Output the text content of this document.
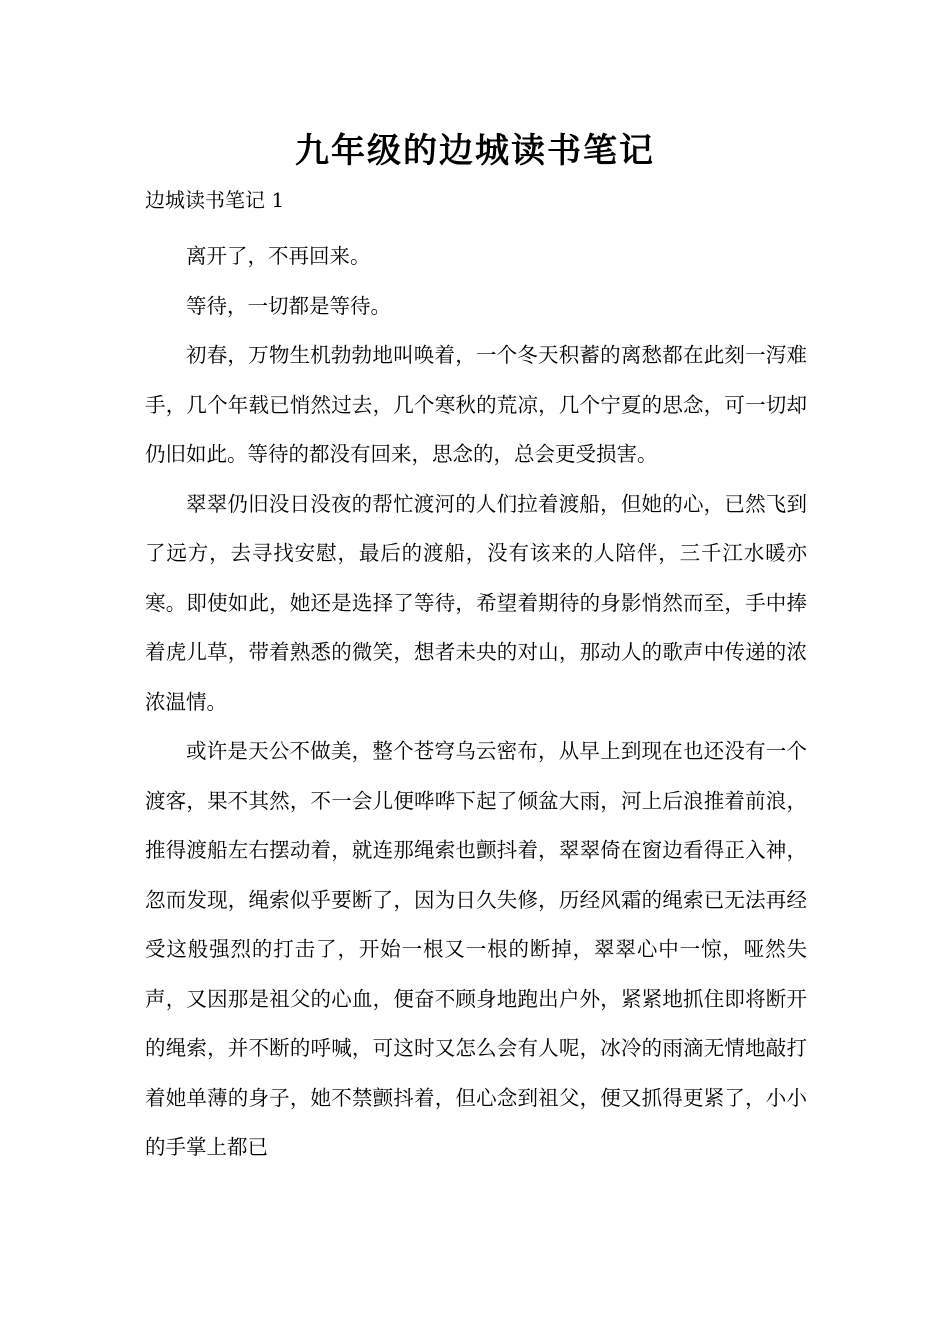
九年级的边城读书笔记
边城读书笔记 1

离开了，不再回来。

等待，一切都是等待。

初春，万物生机勃勃地叫唤着，一个冬天积蓄的离愁都在此刻一泻难手，几个年载已悄然过去，几个寒秋的荒凉，几个宁夏的思念，可一切却仍旧如此。等待的都没有回来，思念的，总会更受损害。

翠翠仍旧没日没夜的帮忙渡河的人们拉着渡船，但她的心，已然飞到了远方，去寻找安慰，最后的渡船，没有该来的人陪伴，三千江水暖亦寒。即使如此，她还是选择了等待，希望着期待的身影悄然而至，手中捧着虎儿草，带着熟悉的微笑，想者未央的对山，那动人的歌声中传递的浓浓温情。

或许是天公不做美，整个苍穹乌云密布，从早上到现在也还没有一个渡客，果不其然，不一会儿便哗哗下起了倾盆大雨，河上后浪推着前浪，推得渡船左右摆动着，就连那绳索也颤抖着，翠翠倚在窗边看得正入神，忽而发现，绳索似乎要断了，因为日久失修，历经风霜的绳索已无法再经受这般强烈的打击了，开始一根又一根的断掉，翠翠心中一惊，哑然失声，又因那是祖父的心血，便奋不顾身地跑出户外，紧紧地抓住即将断开的绳索，并不断的呼喊，可这时又怎么会有人呢，冰冷的雨滴无情地敲打着她单薄的身子，她不禁颤抖着，但心念到祖父，便又抓得更紧了，小小的手掌上都已
